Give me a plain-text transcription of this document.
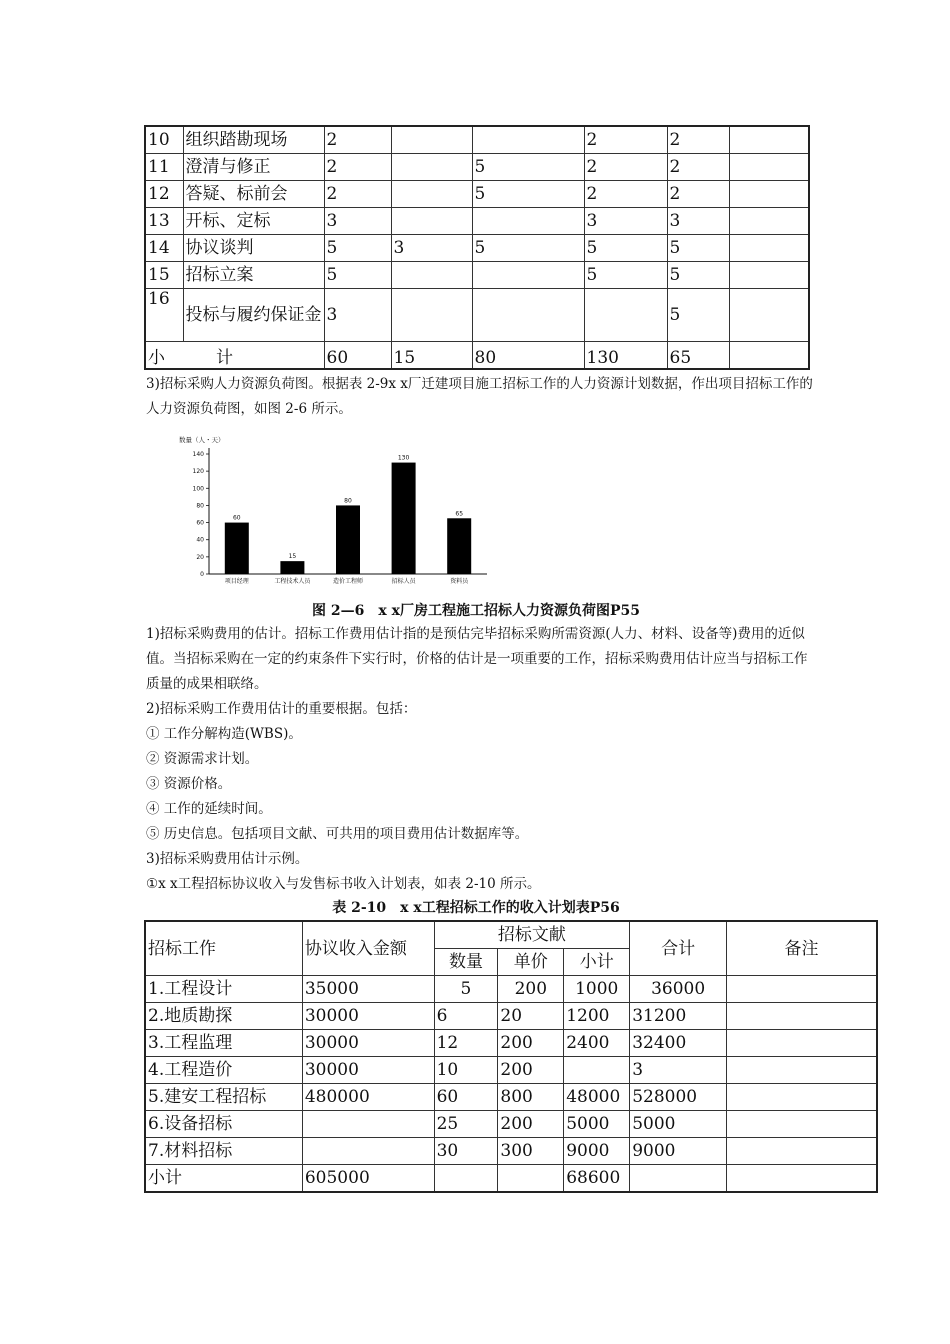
10	组织踏勘现场	2			2	2	
11	澄清与修正	2		5	2	2	
12	答疑、标前会	2		5	2	2	
13	开标、定标	3			3	3	
14	协议谈判	5	3	5	5	5	
15	招标立案	5			5	5	
16	投标与履约保证金	3				5	
小　　　计		60	15	80	130	65	
3)招标采购人力资源负荷图。根据表 2-9x x厂迁建项目施工招标工作的人力资源计划数据，作出项目招标工作的人力资源负荷图，如图 2-6 所示。
数量（人・天）
0
20
40
60
80
100
120
140
60
项目经理
15
工程技术人员
80
造价工程师
130
招标人员
65
资料员
图 2—6　x x厂房工程施工招标人力资源负荷图P55
1)招标采购费用的估计。招标工作费用估计指的是预估完毕招标采购所需资源(人力、材料、设备等)费用的近似值。当招标采购在一定的约束条件下实行时，价格的估计是一项重要的工作，招标采购费用估计应当与招标工作质量的成果相联络。
2)招标采购工作费用估计的重要根据。包括：
① 工作分解构造(WBS)。
② 资源需求计划。
③ 资源价格。
④ 工作的延续时间。
⑤ 历史信息。包括项目文献、可共用的项目费用估计数据库等。
3)招标采购费用估计示例。
①x x工程招标协议收入与发售标书收入计划表，如表 2-10 所示。
表 2-10　x x工程招标工作的收入计划表P56
招标工作	协议收入金额	招标文献			合计	备注
		数量	单价	小计		
1.工程设计	35000	5	200	1000	36000	
2.地质勘探	30000	6	20	1200	31200	
3.工程监理	30000	12	200	2400	32400	
4.工程造价	30000	10	200		3	
5.建安工程招标	480000	60	800	48000	528000	
6.设备招标		25	200	5000	5000	
7.材料招标		30	300	9000	9000	
小计	605000			68600		
